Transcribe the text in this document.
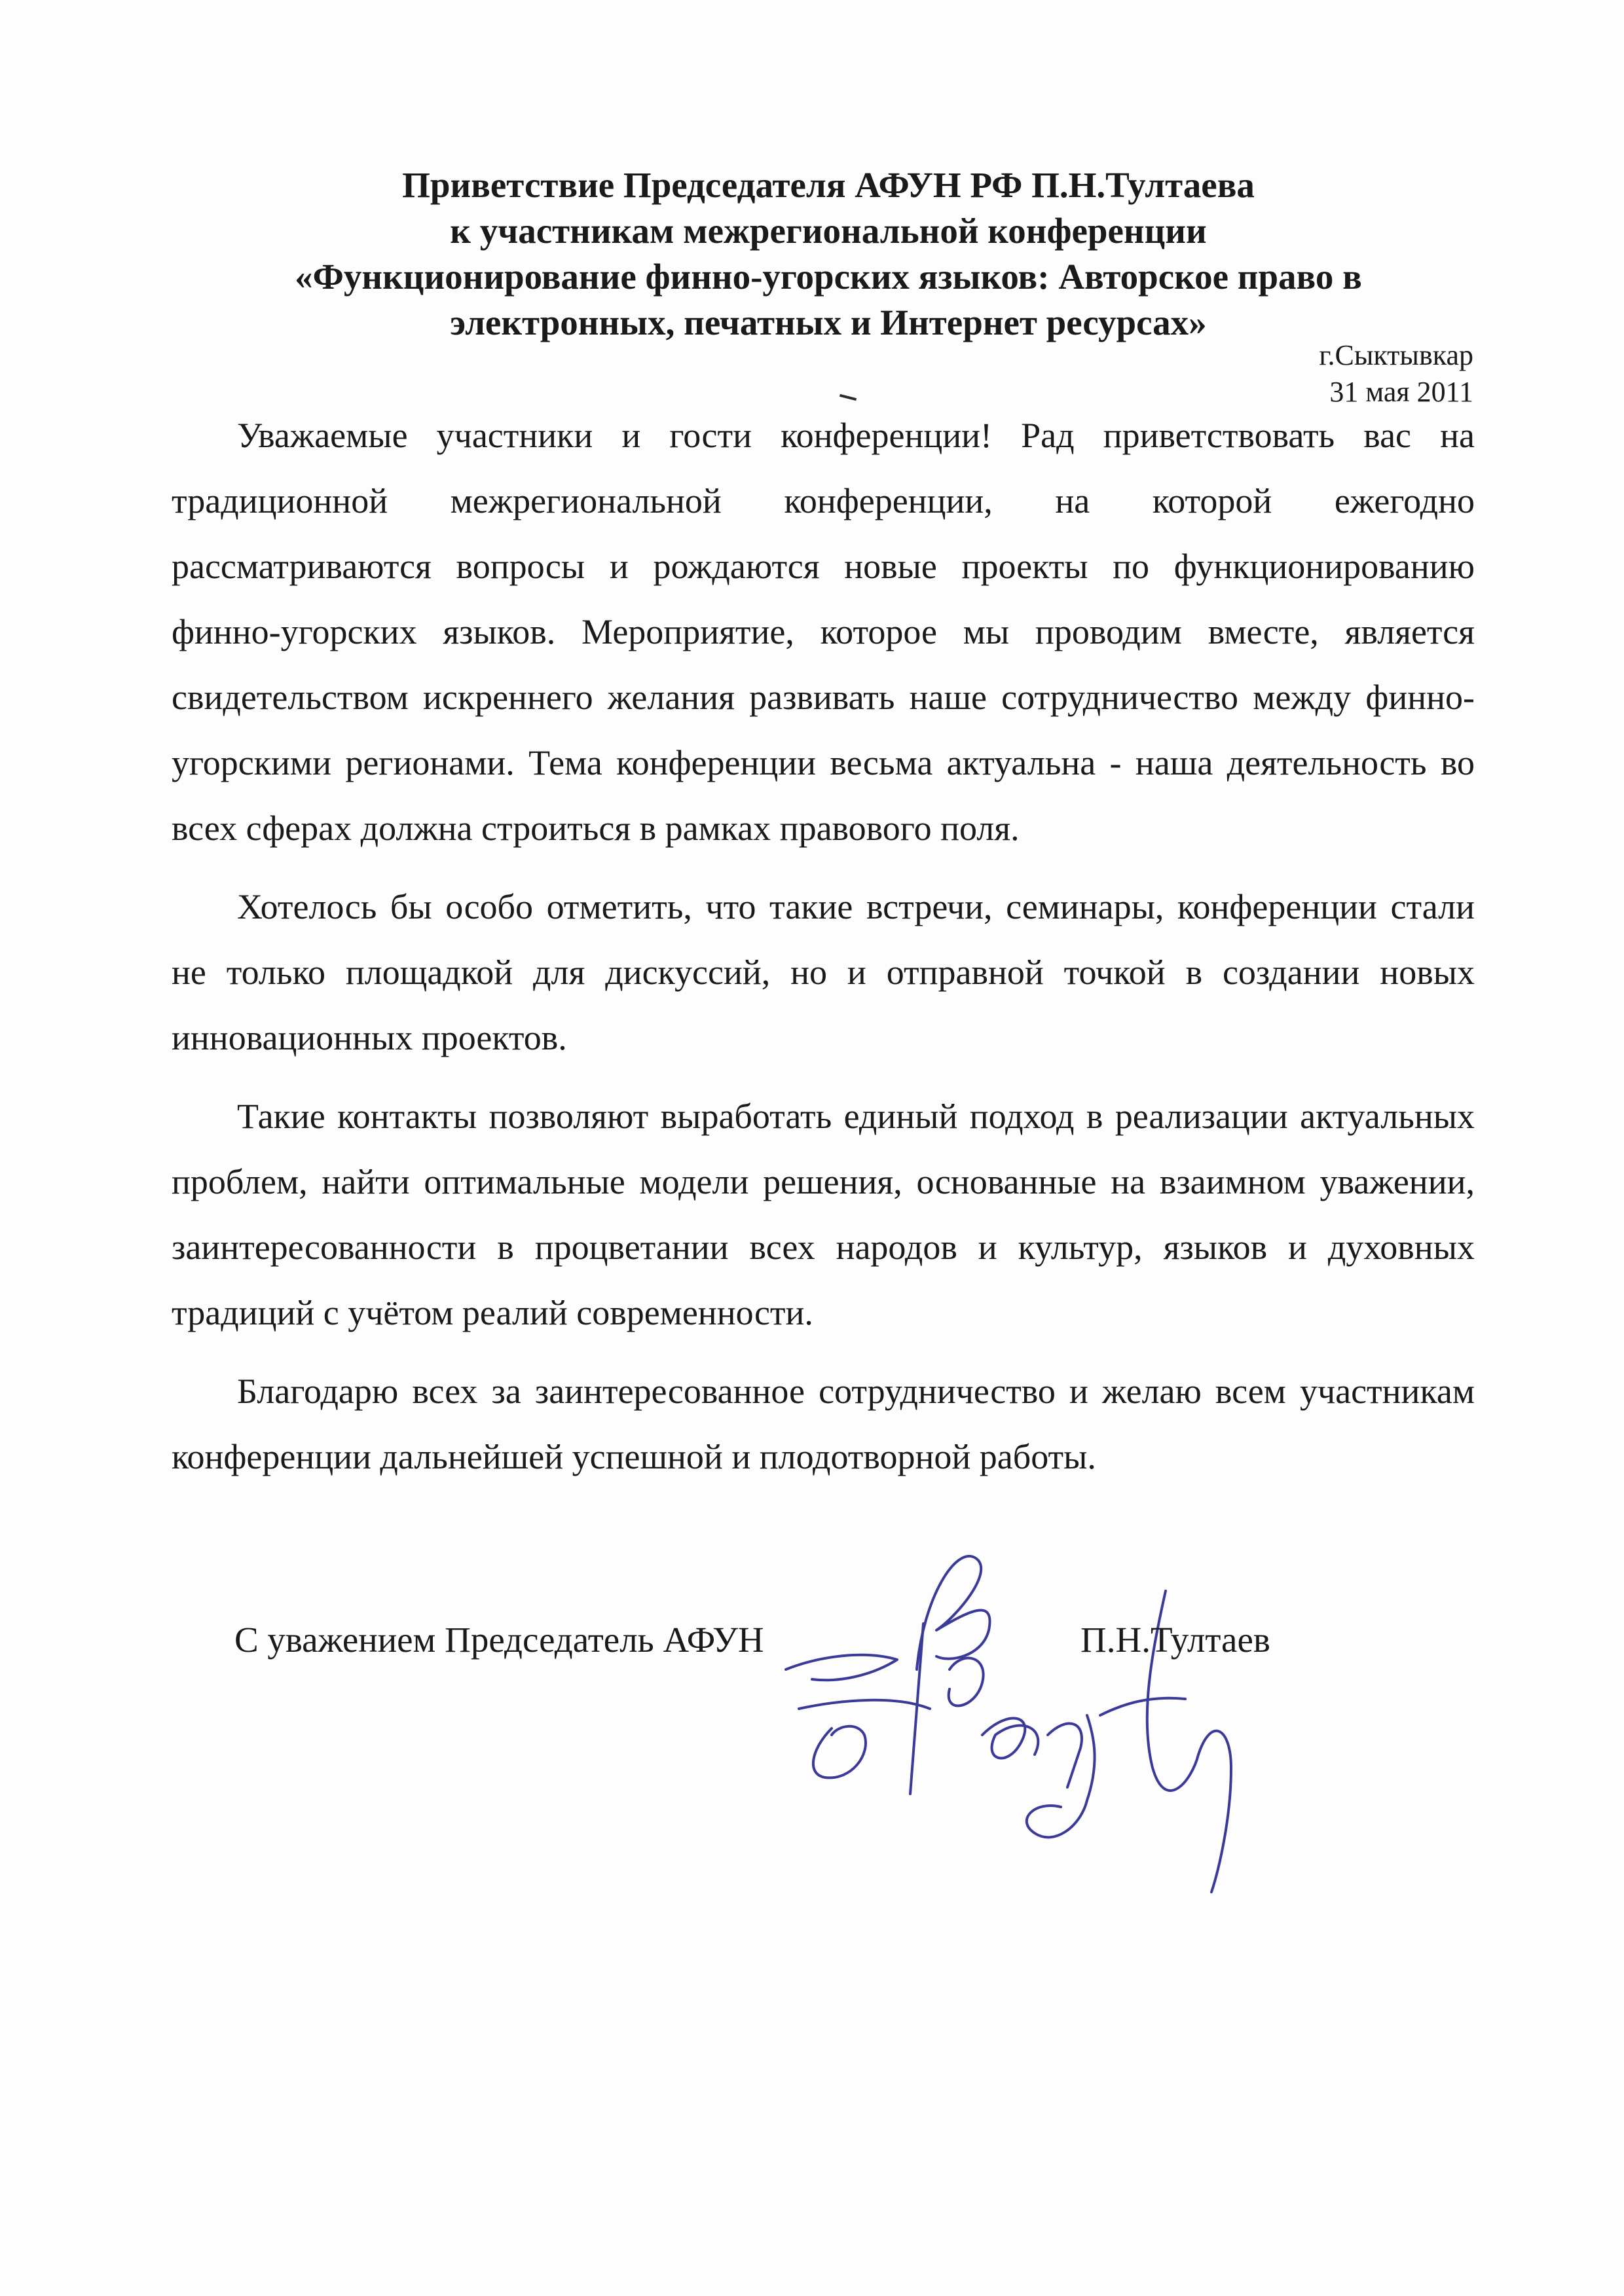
Приветствие Председателя АФУН РФ П.Н.Тултаева
к участникам межрегиональной конференции
«Функционирование финно-угорских языков: Авторское право в
электронных, печатных и Интернет ресурсах»
г.Сыктывкар
31 мая 2011

Уважаемые участники и гости конференции! Рад приветствовать вас на традиционной межрегиональной конференции, на которой ежегодно рассматриваются вопросы и рождаются новые проекты по функционированию финно-угорских языков. Мероприятие, которое мы проводим вместе, является свидетельством искреннего желания развивать наше сотрудничество между финно-угорскими регионами. Тема конференции весьма актуальна - наша деятельность во всех сферах должна строиться в рамках правового поля.

Хотелось бы особо отметить, что такие встречи, семинары, конференции стали не только площадкой для дискуссий, но и отправной точкой в создании новых инновационных проектов.

Такие контакты позволяют выработать единый подход в реализации актуальных проблем, найти оптимальные модели решения, основанные на взаимном уважении, заинтересованности в процветании всех народов и культур, языков и духовных традиций с учётом реалий современности.

Благодарю всех за заинтересованное сотрудничество и желаю всем участникам конференции дальнейшей успешной и плодотворной работы.

С уважением Председатель АФУН	П.Н.Тултаев
